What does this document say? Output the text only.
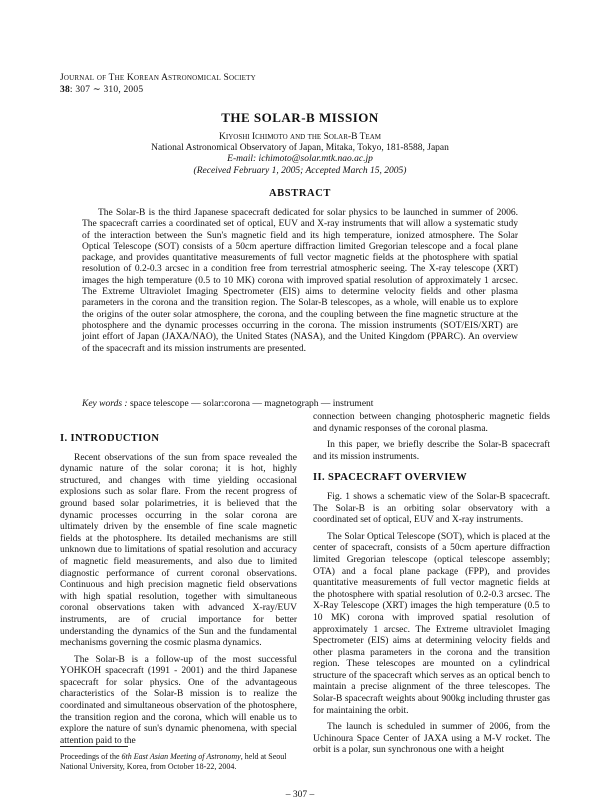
Journal of The Korean Astronomical Society
38: 307 ∼ 310, 2005
THE SOLAR-B MISSION
Kiyoshi Ichimoto and the Solar-B Team
National Astronomical Observatory of Japan, Mitaka, Tokyo, 181-8588, Japan
E-mail: ichimoto@solar.mtk.nao.ac.jp
(Received February 1, 2005; Accepted March 15, 2005)
ABSTRACT

The Solar-B is the third Japanese spacecraft dedicated for solar physics to be launched in summer of 2006. The spacecraft carries a coordinated set of optical, EUV and X-ray instruments that will allow a systematic study of the interaction between the Sun's magnetic field and its high temperature, ionized atmosphere. The Solar Optical Telescope (SOT) consists of a 50cm aperture diffraction limited Gregorian telescope and a focal plane package, and provides quantitative measurements of full vector magnetic fields at the photosphere with spatial resolution of 0.2-0.3 arcsec in a condition free from terrestrial atmospheric seeing. The X-ray telescope (XRT) images the high temperature (0.5 to 10 MK) corona with improved spatial resolution of approximately 1 arcsec. The Extreme Ultraviolet Imaging Spectrometer (EIS) aims to determine velocity fields and other plasma parameters in the corona and the transition region. The Solar-B telescopes, as a whole, will enable us to explore the origins of the outer solar atmosphere, the corona, and the coupling between the fine magnetic structure at the photosphere and the dynamic processes occurring in the corona. The mission instruments (SOT/EIS/XRT) are joint effort of Japan (JAXA/NAO), the United States (NASA), and the United Kingdom (PPARC). An overview of the spacecraft and its mission instruments are presented.

Key words : space telescope — solar:corona — magnetograph — instrument
I. INTRODUCTION

Recent observations of the sun from space revealed the dynamic nature of the solar corona; it is hot, highly structured, and changes with time yielding occasional explosions such as solar flare. From the recent progress of ground based solar polarimetries, it is believed that the dynamic processes occurring in the solar corona are ultimately driven by the ensemble of fine scale magnetic fields at the photosphere. Its detailed mechanisms are still unknown due to limitations of spatial resolution and accuracy of magnetic field measurements, and also due to limited diagnostic performance of current coronal observations. Continuous and high precision magnetic field observations with high spatial resolution, together with simultaneous coronal observations taken with advanced X-ray/EUV instruments, are of crucial importance for better understanding the dynamics of the Sun and the fundamental mechanisms governing the cosmic plasma dynamics.

The Solar-B is a follow-up of the most successful YOHKOH spacecraft (1991 - 2001) and the third Japanese spacecraft for solar physics. One of the advantageous characteristics of the Solar-B mission is to realize the coordinated and simultaneous observation of the photosphere, the transition region and the corona, which will enable us to explore the nature of sun's dynamic phenomena, with special attention paid to the

Proceedings of the 6th East Asian Meeting of Astronomy, held at Seoul National University, Korea, from October 18-22, 2004.

connection between changing photospheric magnetic fields and dynamic responses of the coronal plasma.

In this paper, we briefly describe the Solar-B spacecraft and its mission instruments.

II. SPACECRAFT OVERVIEW

Fig. 1 shows a schematic view of the Solar-B spacecraft. The Solar-B is an orbiting solar observatory with a coordinated set of optical, EUV and X-ray instruments.

The Solar Optical Telescope (SOT), which is placed at the center of spacecraft, consists of a 50cm aperture diffraction limited Gregorian telescope (optical telescope assembly; OTA) and a focal plane package (FPP), and provides quantitative measurements of full vector magnetic fields at the photosphere with spatial resolution of 0.2-0.3 arcsec. The X-Ray Telescope (XRT) images the high temperature (0.5 to 10 MK) corona with improved spatial resolution of approximately 1 arcsec. The Extreme ultraviolet Imaging Spectrometer (EIS) aims at determining velocity fields and other plasma parameters in the corona and the transition region. These telescopes are mounted on a cylindrical structure of the spacecraft which serves as an optical bench to maintain a precise alignment of the three telescopes. The Solar-B spacecraft weights about 900kg including thruster gas for maintaining the orbit.

The launch is scheduled in summer of 2006, from the Uchinoura Space Center of JAXA using a M-V rocket. The orbit is a polar, sun synchronous one with a height

– 307 –
